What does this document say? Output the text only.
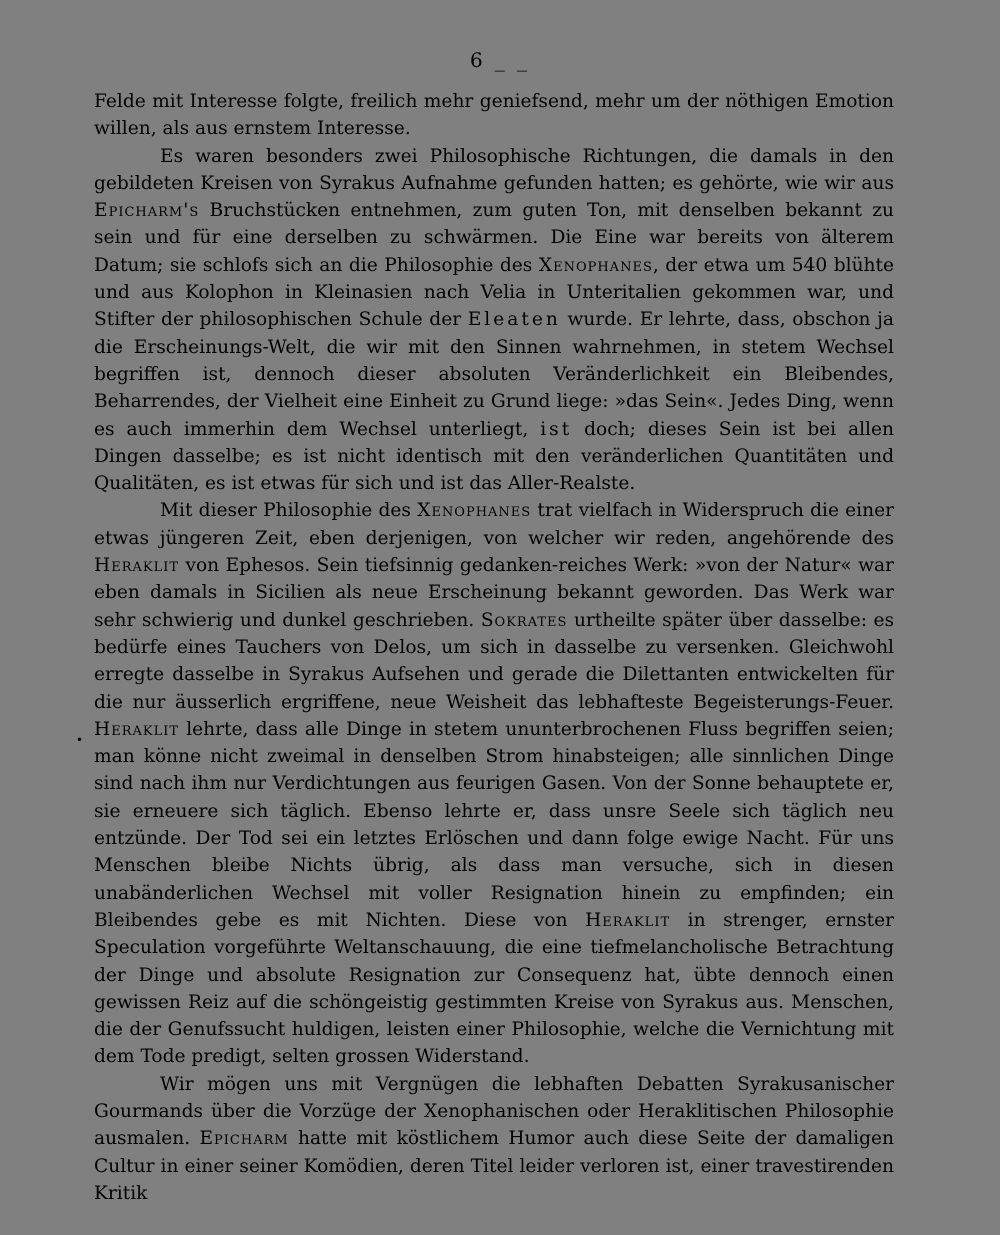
6 _ _
•

Felde mit Interesse folgte, freilich mehr geniefsend, mehr um der nöthigen Emotion willen, als aus ernstem Interesse.

Es waren besonders zwei Philosophische Richtungen, die damals in den gebildeten Kreisen von Syrakus Aufnahme gefunden hatten; es gehörte, wie wir aus Epicharm's Bruchstücken entnehmen, zum guten Ton, mit denselben bekannt zu sein und für eine derselben zu schwärmen. Die Eine war bereits von älterem Datum; sie schlofs sich an die Philosophie des Xenophanes, der etwa um 540 blühte und aus Kolophon in Kleinasien nach Velia in Unteritalien gekommen war, und Stifter der philosophischen Schule der Eleaten wurde. Er lehrte, dass, obschon ja die Erscheinungs-Welt, die wir mit den Sinnen wahrnehmen, in stetem Wechsel begriffen ist, dennoch dieser absoluten Veränderlichkeit ein Bleibendes, Beharrendes, der Vielheit eine Einheit zu Grund liege: »das Sein«. Jedes Ding, wenn es auch immerhin dem Wechsel unterliegt, ist doch; dieses Sein ist bei allen Dingen dasselbe; es ist nicht identisch mit den veränderlichen Quantitäten und Qualitäten, es ist etwas für sich und ist das Aller-Realste.

Mit dieser Philosophie des Xenophanes trat vielfach in Widerspruch die einer etwas jüngeren Zeit, eben derjenigen, von welcher wir reden, angehörende des Heraklit von Ephesos. Sein tiefsinnig gedanken-reiches Werk: »von der Natur« war eben damals in Sicilien als neue Erscheinung bekannt geworden. Das Werk war sehr schwierig und dunkel geschrieben. Sokrates urtheilte später über dasselbe: es bedürfe eines Tauchers von Delos, um sich in dasselbe zu versenken. Gleichwohl erregte dasselbe in Syrakus Aufsehen und gerade die Dilettanten entwickelten für die nur äusserlich ergriffene, neue Weisheit das lebhafteste Begeisterungs-Feuer. Heraklit lehrte, dass alle Dinge in stetem ununterbrochenen Fluss begriffen seien; man könne nicht zweimal in denselben Strom hinabsteigen; alle sinnlichen Dinge sind nach ihm nur Verdichtungen aus feurigen Gasen. Von der Sonne behauptete er, sie erneuere sich täglich. Ebenso lehrte er, dass unsre Seele sich täglich neu entzünde. Der Tod sei ein letztes Erlöschen und dann folge ewige Nacht. Für uns Menschen bleibe Nichts übrig, als dass man versuche, sich in diesen unabänderlichen Wechsel mit voller Resignation hinein zu empfinden; ein Bleibendes gebe es mit Nichten. Diese von Heraklit in strenger, ernster Speculation vorgeführte Weltanschauung, die eine tiefmelancholische Betrachtung der Dinge und absolute Resignation zur Consequenz hat, übte dennoch einen gewissen Reiz auf die schöngeistig gestimmten Kreise von Syrakus aus. Menschen, die der Genufssucht huldigen, leisten einer Philosophie, welche die Vernichtung mit dem Tode predigt, selten grossen Widerstand.

Wir mögen uns mit Vergnügen die lebhaften Debatten Syrakusanischer Gourmands über die Vorzüge der Xenophanischen oder Heraklitischen Philosophie ausmalen. Epicharm hatte mit köstlichem Humor auch diese Seite der damaligen Cultur in einer seiner Komödien, deren Titel leider verloren ist, einer travestirenden Kritik
